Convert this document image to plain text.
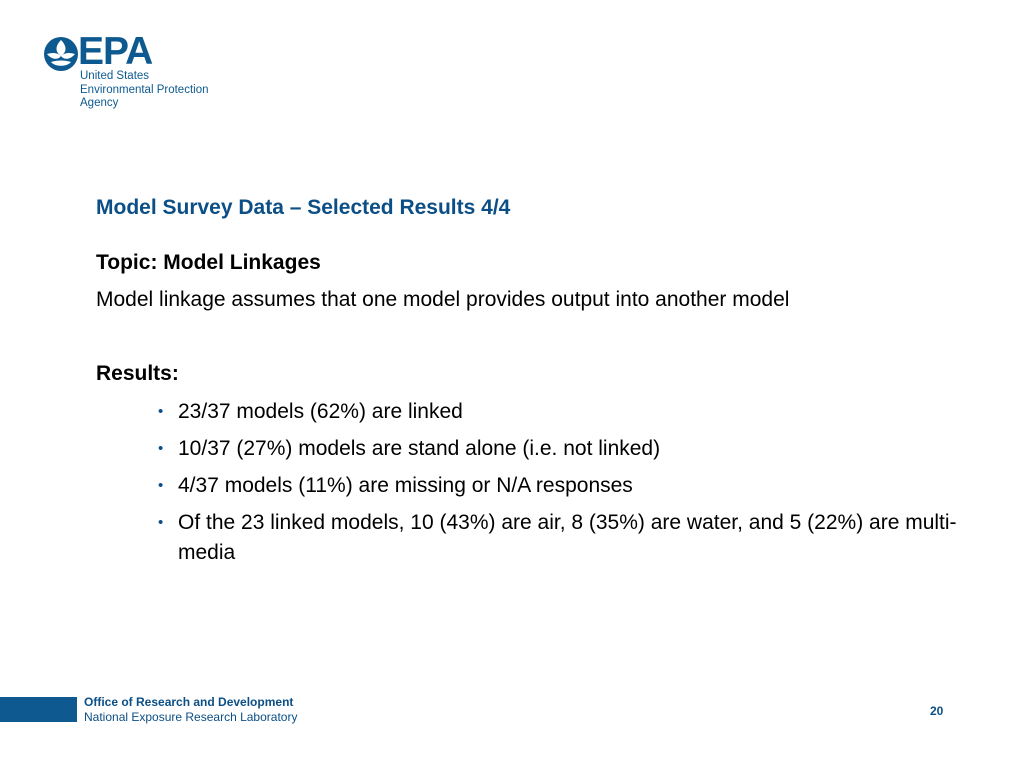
EPA
United States
Environmental Protection
Agency
Model Survey Data – Selected Results 4/4

Topic: Model Linkages

Model linkage assumes that one model provides output into another model

Results:

• 23/37 models (62%) are linked
• 10/37 (27%) models are stand alone (i.e. not linked)
• 4/37 models (11%) are missing or N/A responses
• Of the 23 linked models, 10 (43%) are air, 8 (35%) are water, and 5 (22%) are multi-media
Office of Research and Development
National Exposure Research Laboratory	20
